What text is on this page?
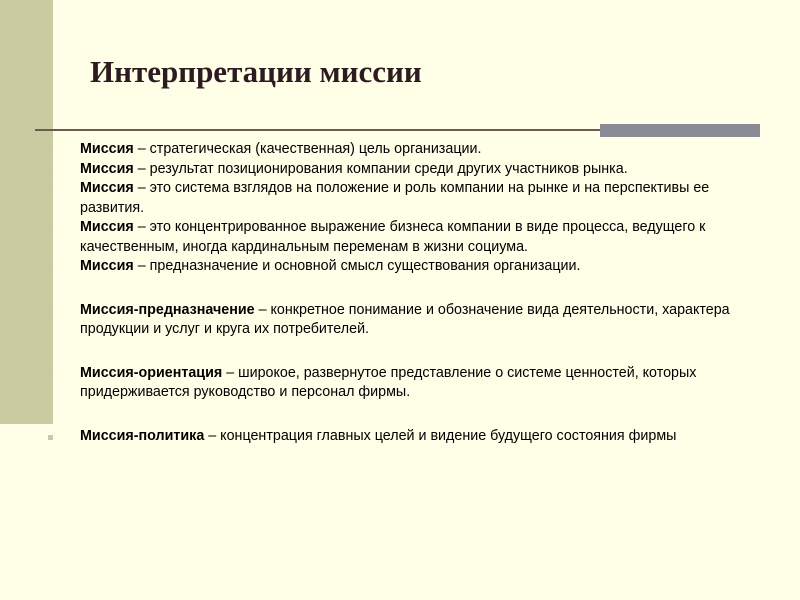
Интерпретации миссии
Миссия – стратегическая (качественная) цель организации.
Миссия – результат позиционирования компании среди других участников рынка.
Миссия – это система взглядов на положение и роль компании на рынке и на перспективы ее развития.
Миссия – это концентрированное выражение бизнеса компании в виде процесса, ведущего к качественным, иногда кардинальным переменам в жизни социума.
Миссия – предназначение и основной смысл существования организации.
Миссия-предназначение – конкретное понимание и обозначение вида деятельности, характера продукции и услуг и круга их потребителей.
Миссия-ориентация – широкое, развернутое представление о системе ценностей, которых придерживается руководство и персонал фирмы.
Миссия-политика – концентрация главных целей и видение будущего состояния фирмы
